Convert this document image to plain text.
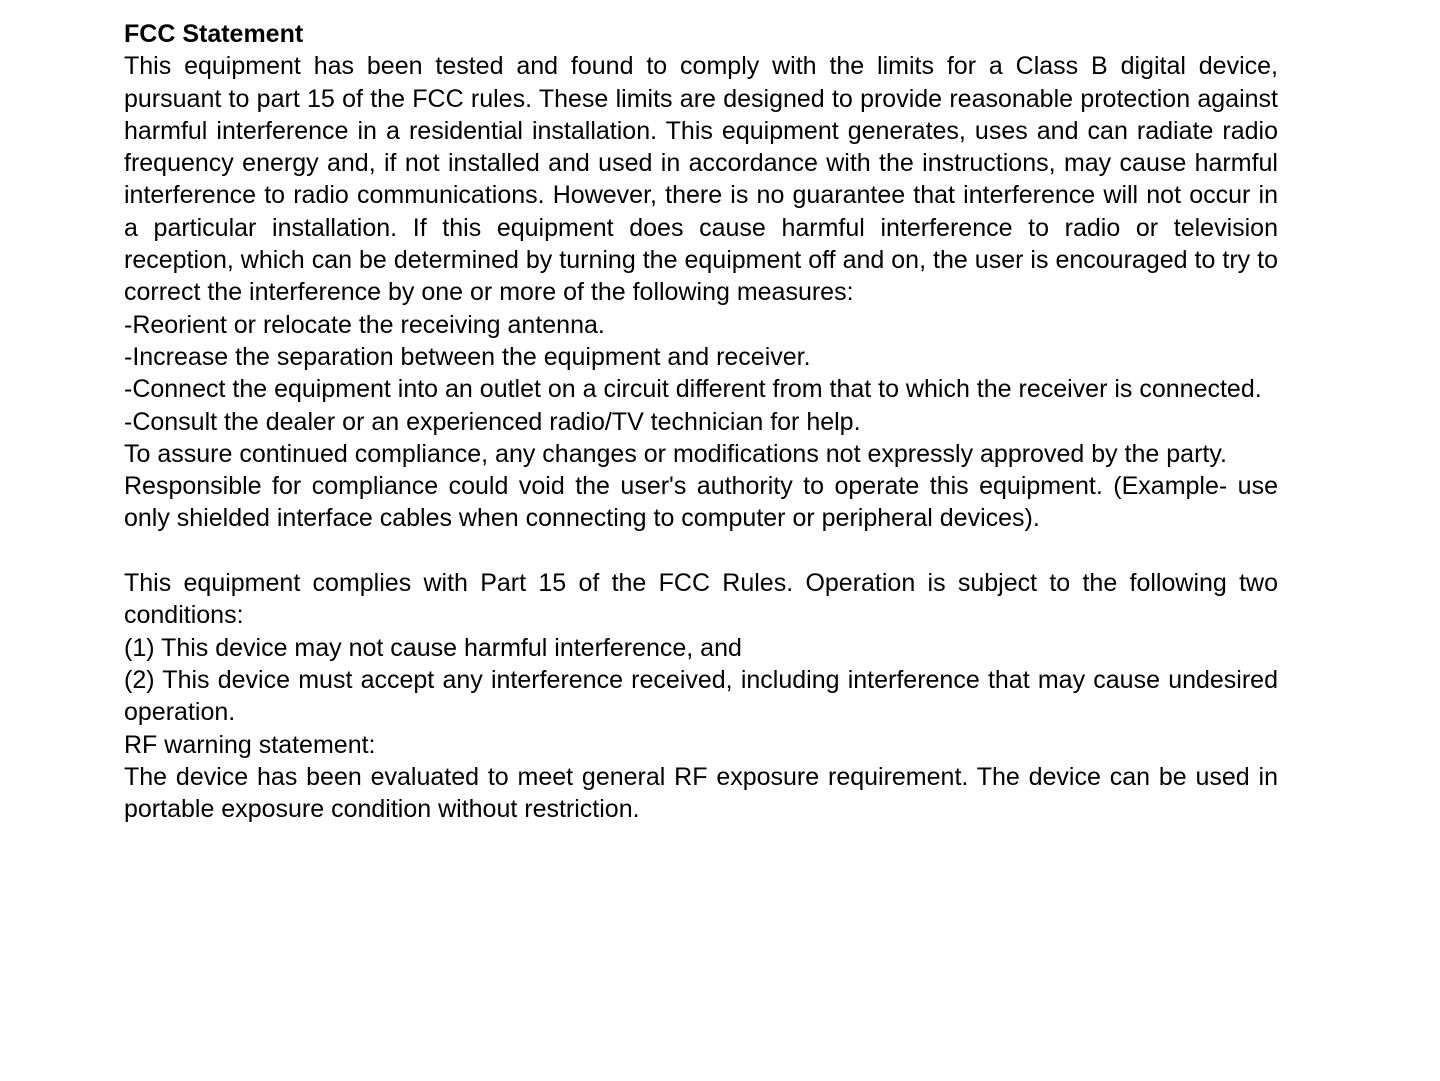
FCC Statement

This equipment has been tested and found to comply with the limits for a Class B digital device, pursuant to part 15 of the FCC rules. These limits are designed to provide reasonable protection against harmful interference in a residential installation. This equipment generates, uses and can radiate radio frequency energy and, if not installed and used in accordance with the instructions, may cause harmful interference to radio communications. However, there is no guarantee that interference will not occur in a particular installation. If this equipment does cause harmful interference to radio or television reception, which can be determined by turning the equipment off and on, the user is encouraged to try to correct the interference by one or more of the following measures:

-Reorient or relocate the receiving antenna.

-Increase the separation between the equipment and receiver.

-Connect the equipment into an outlet on a circuit different from that to which the receiver is connected.

-Consult the dealer or an experienced radio/TV technician for help.

To assure continued compliance, any changes or modifications not expressly approved by the party.

Responsible for compliance could void the user's authority to operate this equipment. (Example- use only shielded interface cables when connecting to computer or peripheral devices).

This equipment complies with Part 15 of the FCC Rules. Operation is subject to the following two conditions:

(1) This device may not cause harmful interference, and

(2) This device must accept any interference received, including interference that may cause undesired operation.

RF warning statement:

The device has been evaluated to meet general RF exposure requirement. The device can be used in portable exposure condition without restriction.
